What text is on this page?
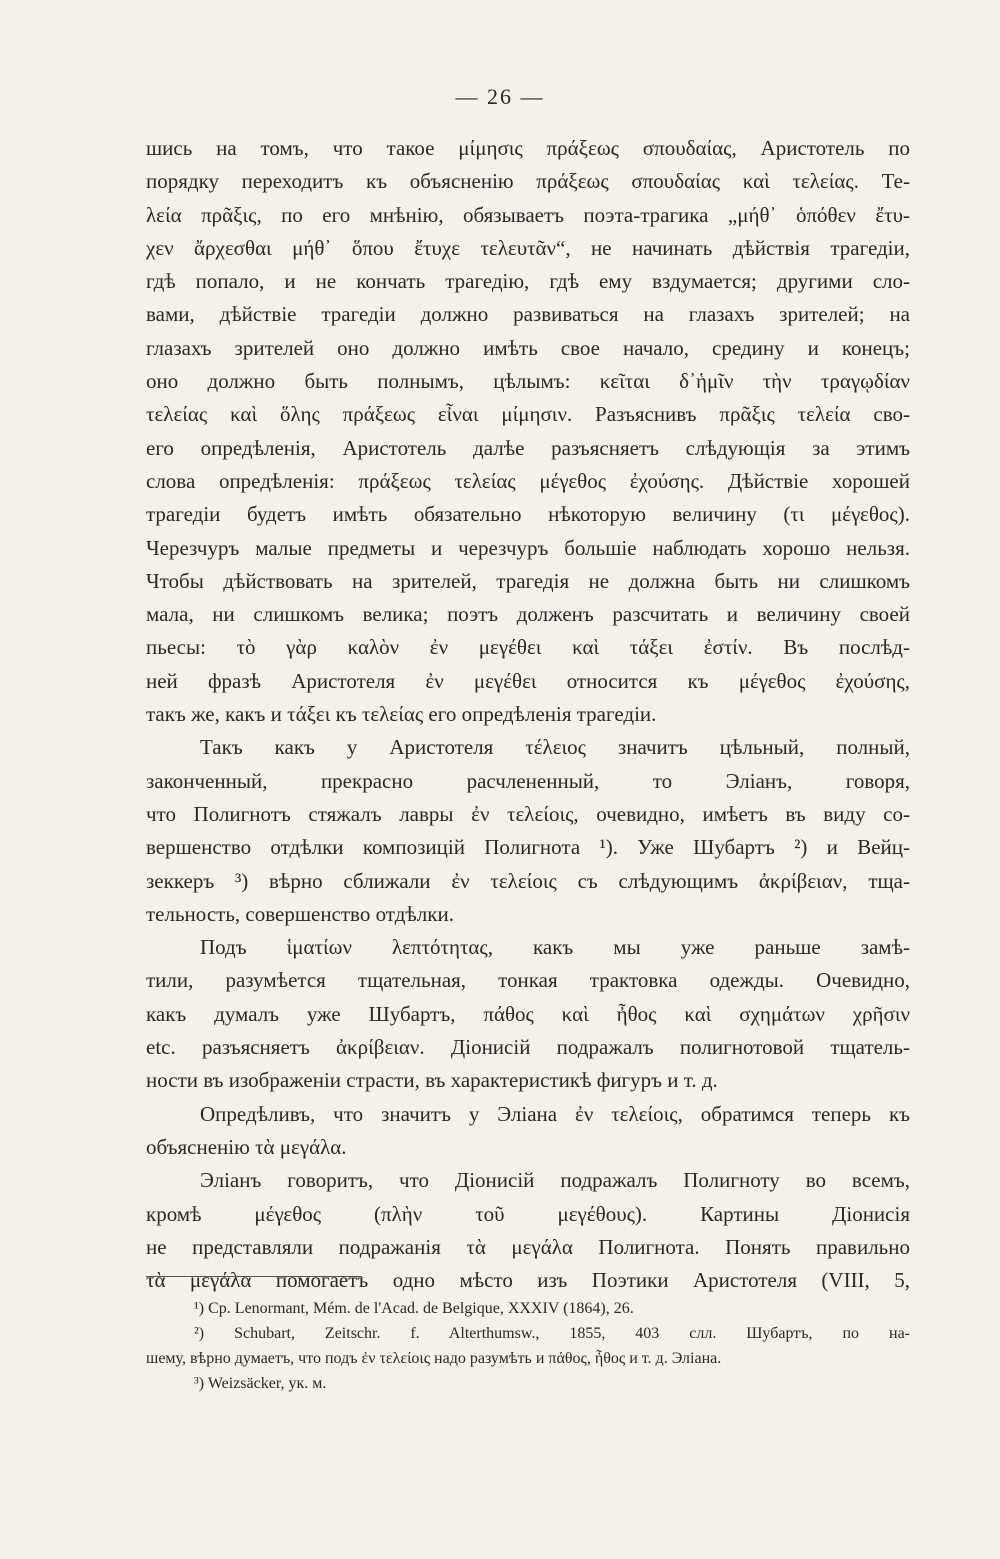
— 26 —
шись на томъ, что такое μίμησις πράξεως σπουδαίας, Аристотель по
порядку переходитъ къ объясненію πράξεως σπουδαίας καὶ τελείας. Те-
λεία πρᾶξις, по его мнѣнію, обязываетъ поэта-трагика „μήθ᾽ ὁπόθεν ἔτυ-
χεν ἄρχεσθαι μήθ᾽ ὅπου ἔτυχε τελευτᾶν“, не начинать дѣйствія трагедіи,
гдѣ попало, и не кончать трагедію, гдѣ ему вздумается; другими сло-
вами, дѣйствіе трагедіи должно развиваться на глазахъ зрителей; на
глазахъ зрителей оно должно имѣть свое начало, средину и конецъ;
оно должно быть полнымъ, цѣлымъ: κεῖται δ᾽ἡμῖν τὴν τραγῳδίαν
τελείας καὶ ὅλης πράξεως εἶναι μίμησιν. Разъяснивъ πρᾶξις τελεία сво-
его опредѣленія, Аристотель далѣе разъясняетъ слѣдующія за этимъ
слова опредѣленія: πράξεως τελείας μέγεθος ἐχούσης. Дѣйствіе хорошей
трагедіи будетъ имѣть обязательно нѣкоторую величину (τι μέγεθος).
Черезчуръ малые предметы и черезчуръ большіе наблюдать хорошо нельзя.
Чтобы дѣйствовать на зрителей, трагедія не должна быть ни слишкомъ
мала, ни слишкомъ велика; поэтъ долженъ разсчитать и величину своей
пьесы: τὸ γὰρ καλὸν ἐν μεγέθει καὶ τάξει ἐστίν. Въ послѣд-
ней фразѣ Аристотеля ἐν μεγέθει относится къ μέγεθος ἐχούσης,
такъ же, какъ и τάξει къ τελείας его опредѣленія трагедіи.
Такъ какъ у Аристотеля τέλειος значитъ цѣльный, полный,
законченный, прекрасно расчлененный, то Эліанъ, говоря,
что Полигнотъ стяжалъ лавры ἐν τελείοις, очевидно, имѣетъ въ виду со-
вершенство отдѣлки композицій Полигнота ¹). Уже Шубартъ ²) и Вейц-
зеккеръ ³) вѣрно сближали ἐν τελείοις съ слѣдующимъ ἀκρίβειαν, тща-
тельность, совершенство отдѣлки.
Подъ ἱματίων λεπτότητας, какъ мы уже раньше замѣ-
тили, разумѣется тщательная, тонкая трактовка одежды. Очевидно,
какъ думалъ уже Шубартъ, πάθος καὶ ἦθος καὶ σχημάτων χρῆσιν
etc. разъясняетъ ἀκρίβειαν. Діонисій подражалъ полигнотовой тщатель-
ности въ изображеніи страсти, въ характеристикѣ фигуръ и т. д.
Опредѣливъ, что значитъ у Эліана ἐν τελείοις, обратимся теперь къ
объясненію τὰ μεγάλα.
Эліанъ говоритъ, что Діонисій подражалъ Полигноту во всемъ,
кромѣ μέγεθος (πλὴν τοῦ μεγέθους). Картины Діонисія
не представляли подражанія τὰ μεγάλα Полигнота. Понять правильно
τὰ μεγάλα помогаетъ одно мѣсто изъ Поэтики Аристотеля (VIII, 5,
¹) Cp. Lenormant, Mém. de l'Acad. de Belgique, XXXIV (1864), 26.
²) Schubart, Zeitschr. f. Alterthumsw., 1855, 403 слл. Шубартъ, по на-
шему, вѣрно думаетъ, что подъ ἐν τελείοις надо разумѣть и πάθος, ἦθος и т. д. Эліана.
³) Weizsäcker, ук. м.
